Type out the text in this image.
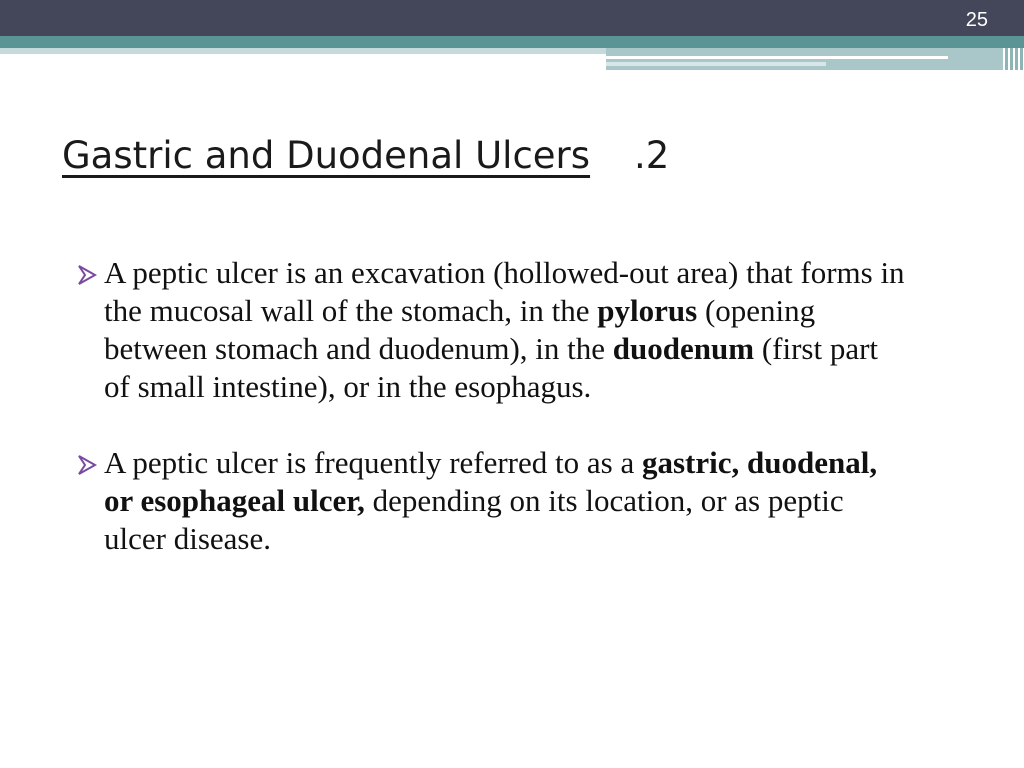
25
Gastric and Duodenal Ulcers .2

A peptic ulcer is an excavation (hollowed-out area) that forms in the mucosal wall of the stomach, in the pylorus (opening between stomach and duodenum), in the duodenum (first part of small intestine), or in the esophagus.

A peptic ulcer is frequently referred to as a gastric, duodenal, or esophageal ulcer, depending on its location, or as peptic ulcer disease.
